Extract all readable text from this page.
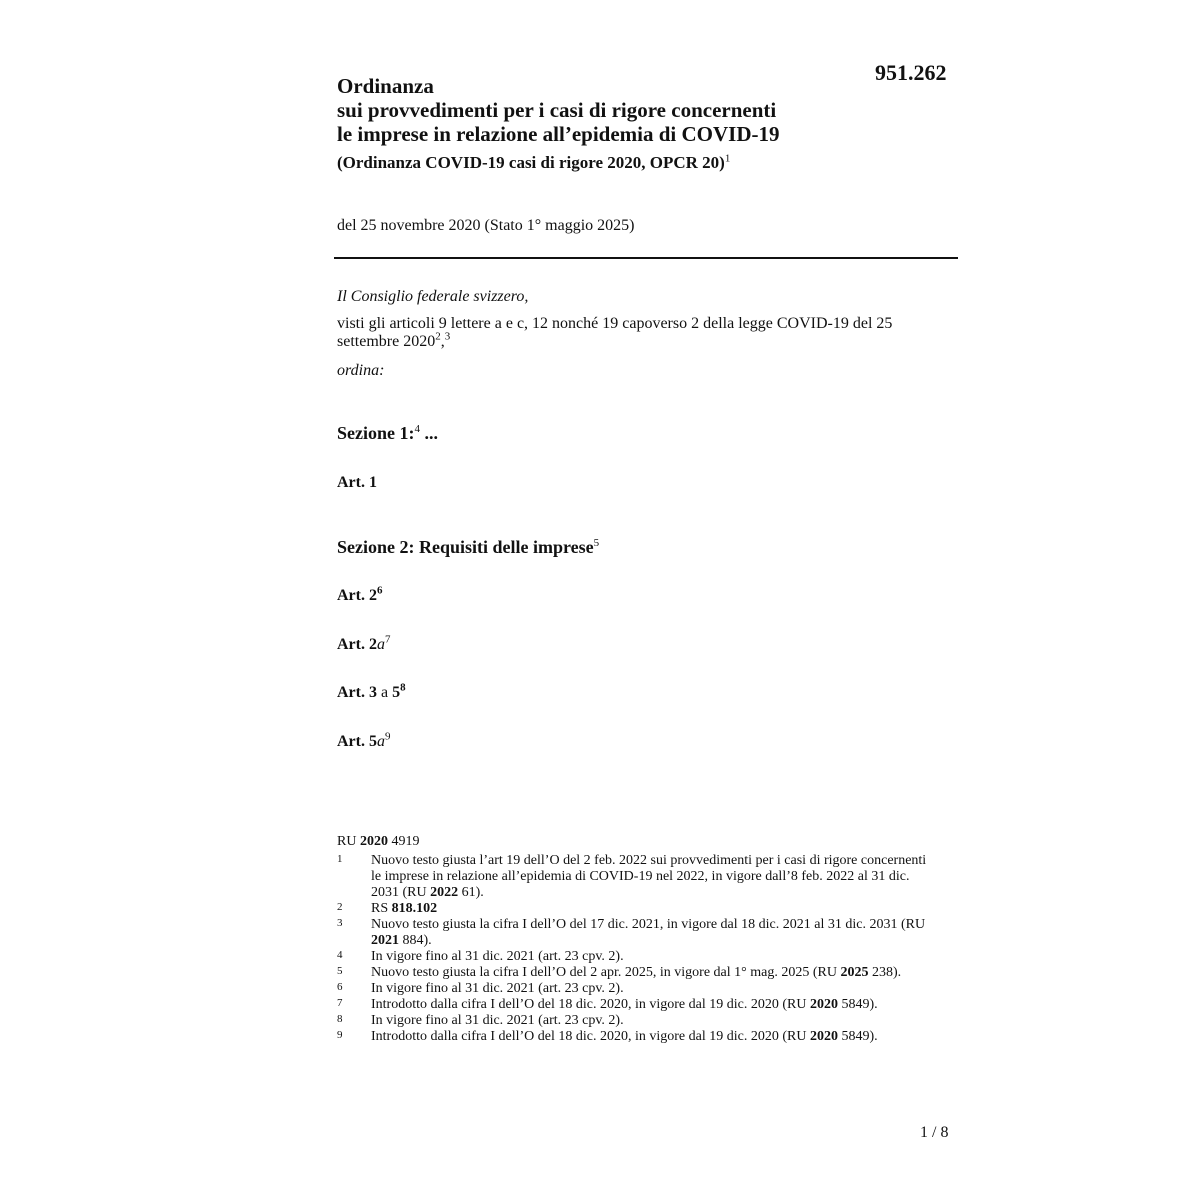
951.262

Ordinanza

sui provvedimenti per i casi di rigore concernenti

le imprese in relazione all’epidemia di COVID-19

(Ordinanza COVID-19 casi di rigore 2020, OPCR 20)$^1$
del 25 novembre 2020 (Stato 1° maggio 2025)
Il Consiglio federale svizzero,
visti gli articoli 9 lettere a e c, 12 nonché 19 capoverso 2 della legge COVID-19 del 25 settembre 2020$^2$,$^3$
ordina:
Sezione 1:$^4$ ...
Art. 1
Sezione 2: Requisiti delle imprese$^5$
Art. $2^6$
Art. $2a^7$
Art. 3 a $5^8$
Art. $5a^9$
RU 2020 4919
1	Nuovo testo giusta l’art 19 dell’O del 2 feb. 2022 sui provvedimenti per i casi di rigore concernenti le imprese in relazione all’epidemia di COVID-19 nel 2022, in vigore dall’8 feb. 2022 al 31 dic. 2031 (RU 2022 61).
2	RS 818.102
3	Nuovo testo giusta la cifra I dell’O del 17 dic. 2021, in vigore dal 18 dic. 2021 al 31 dic. 2031 (RU 2021 884).
4	In vigore fino al 31 dic. 2021 (art. 23 cpv. 2).
5	Nuovo testo giusta la cifra I dell’O del 2 apr. 2025, in vigore dal 1° mag. 2025 (RU 2025 238).
6	In vigore fino al 31 dic. 2021 (art. 23 cpv. 2).
7	Introdotto dalla cifra I dell’O del 18 dic. 2020, in vigore dal 19 dic. 2020 (RU 2020 5849).
8	In vigore fino al 31 dic. 2021 (art. 23 cpv. 2).
9	Introdotto dalla cifra I dell’O del 18 dic. 2020, in vigore dal 19 dic. 2020 (RU 2020 5849).
1 / 8
